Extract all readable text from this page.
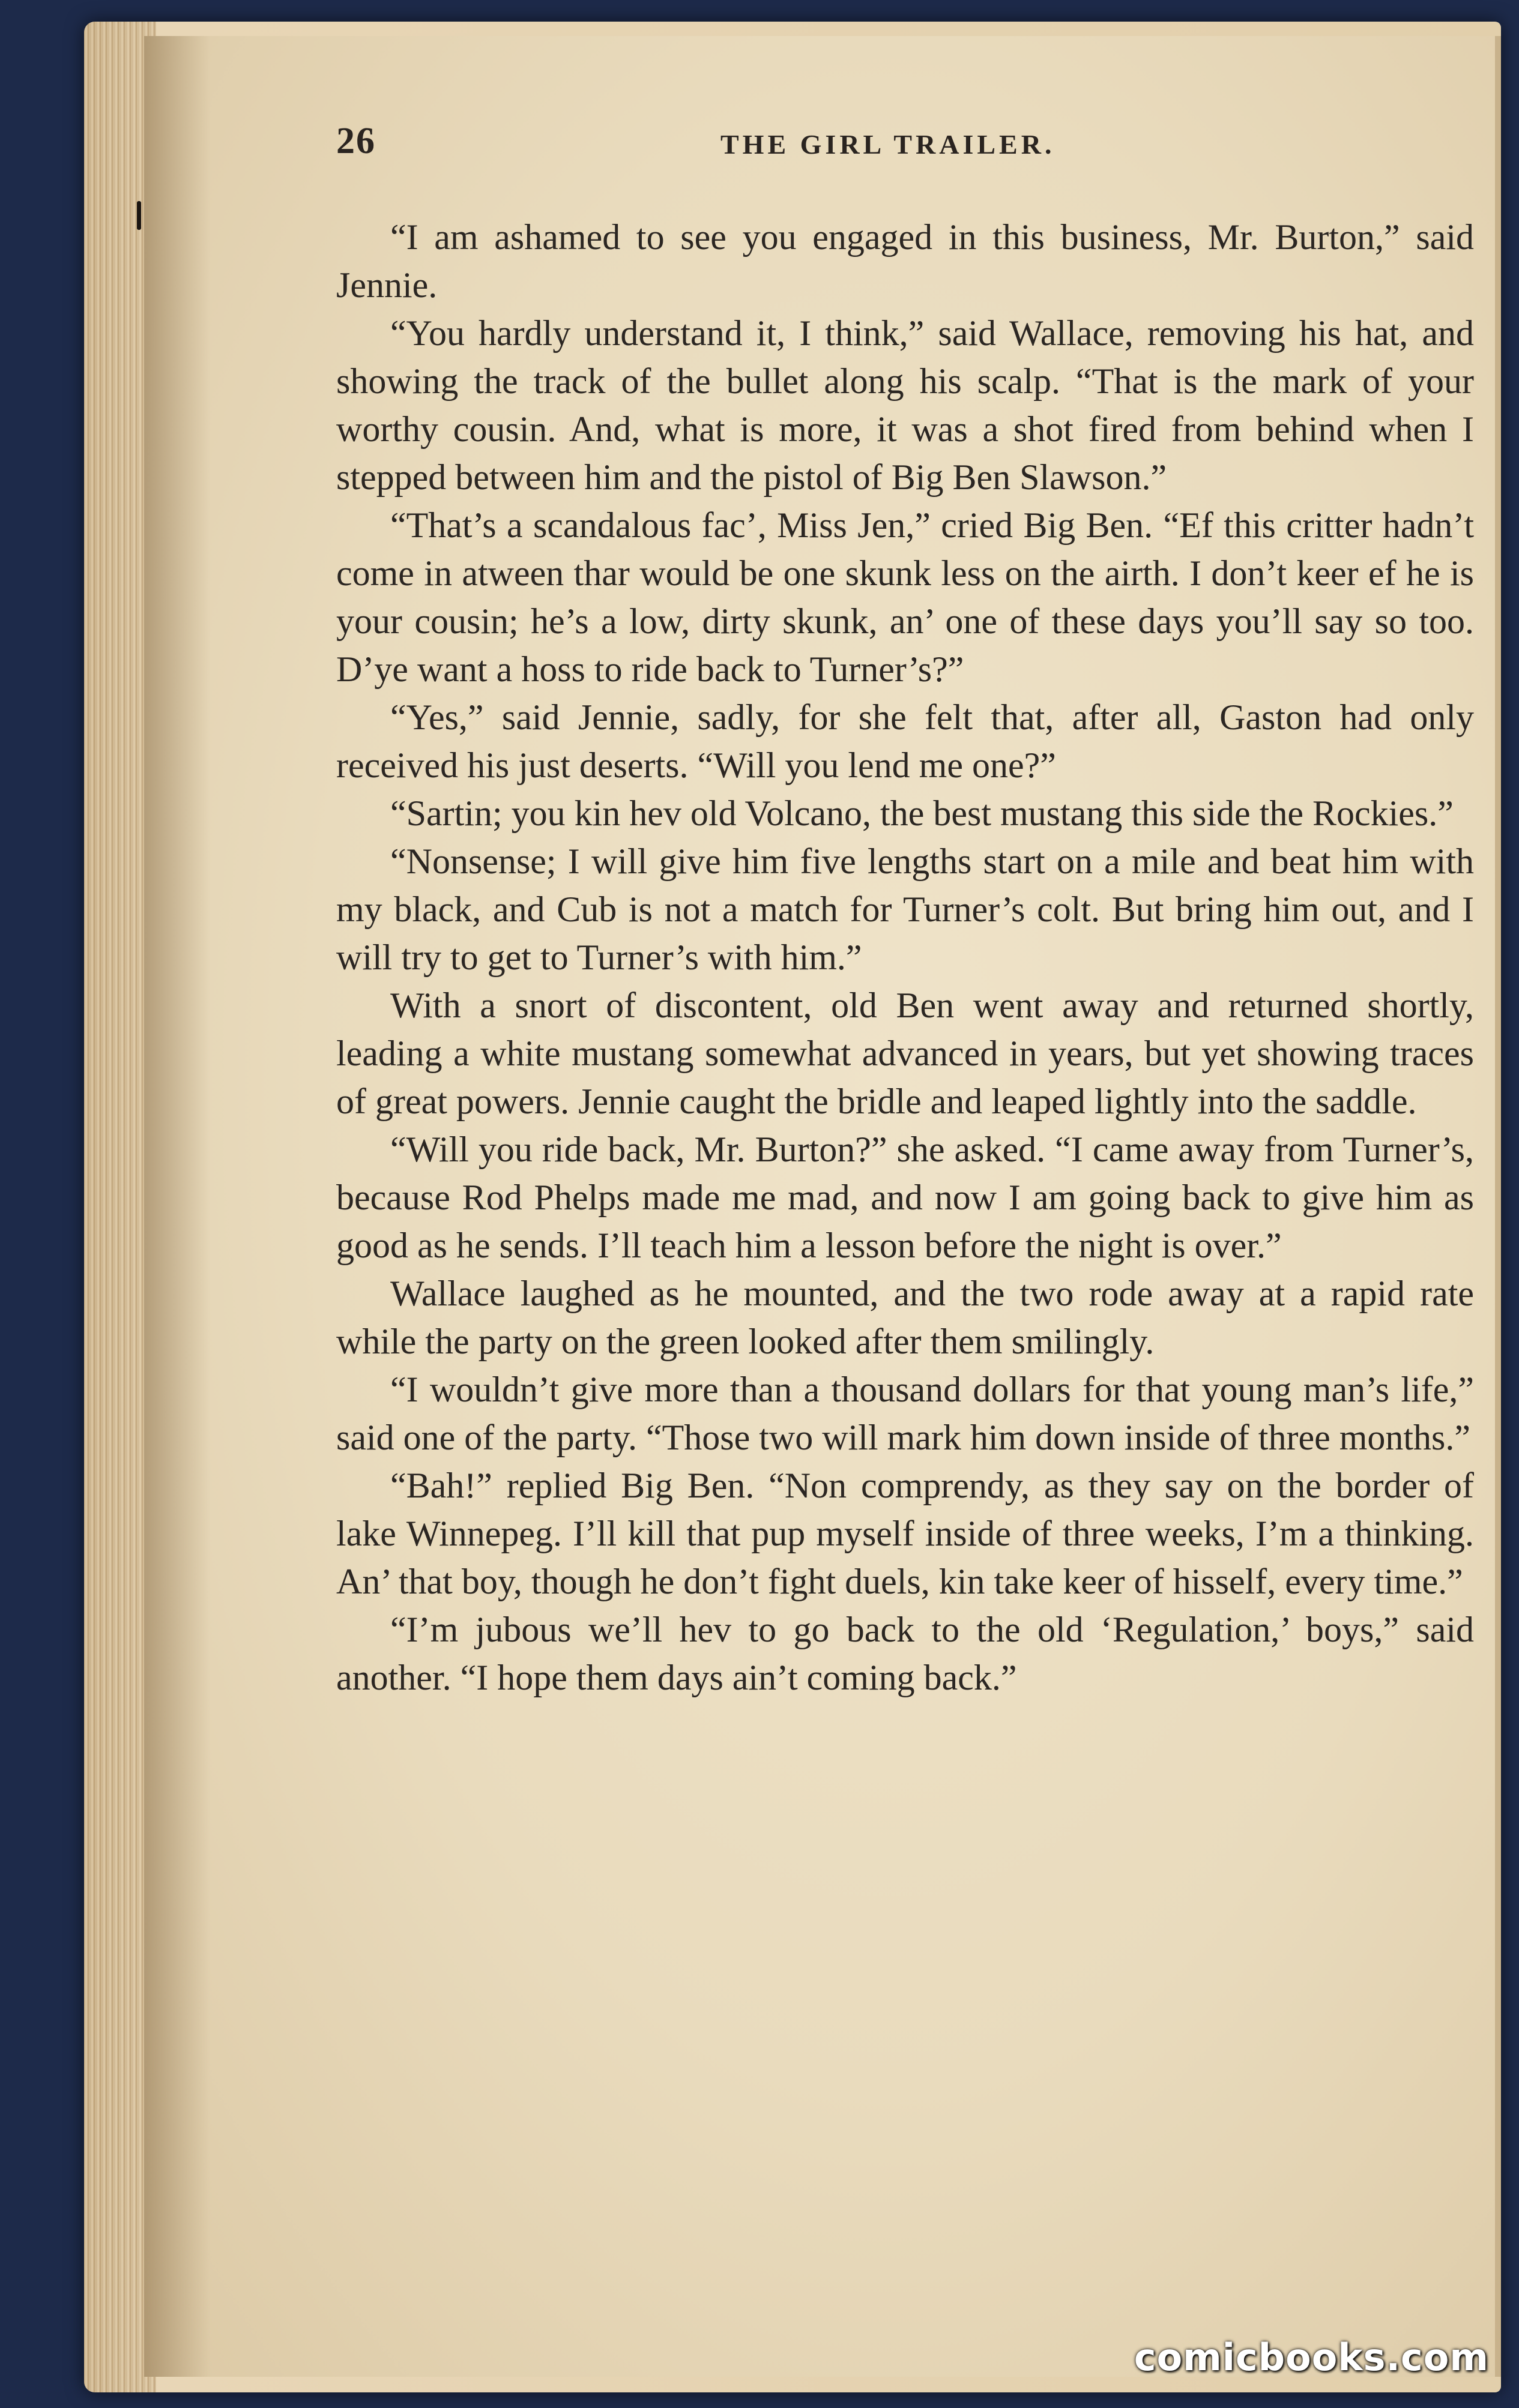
26	THE GIRL TRAILER.

“I am ashamed to see you engaged in this business, Mr. Burton,” said Jennie.

“You hardly understand it, I think,” said Wallace, removing his hat, and showing the track of the bullet along his scalp. “That is the mark of your worthy cousin. And, what is more, it was a shot fired from behind when I stepped between him and the pistol of Big Ben Slawson.”

“That’s a scandalous fac’, Miss Jen,” cried Big Ben. “Ef this critter hadn’t come in atween thar would be one skunk less on the airth. I don’t keer ef he is your cousin; he’s a low, dirty skunk, an’ one of these days you’ll say so too. D’ye want a hoss to ride back to Turner’s?”

“Yes,” said Jennie, sadly, for she felt that, after all, Gaston had only received his just deserts. “Will you lend me one?”

“Sartin; you kin hev old Volcano, the best mustang this side the Rockies.”

“Nonsense; I will give him five lengths start on a mile and beat him with my black, and Cub is not a match for Turner’s colt. But bring him out, and I will try to get to Turner’s with him.”

With a snort of discontent, old Ben went away and returned shortly, leading a white mustang somewhat advanced in years, but yet showing traces of great powers. Jennie caught the bridle and leaped lightly into the saddle.

“Will you ride back, Mr. Burton?” she asked. “I came away from Turner’s, because Rod Phelps made me mad, and now I am going back to give him as good as he sends. I’ll teach him a lesson before the night is over.”

Wallace laughed as he mounted, and the two rode away at a rapid rate while the party on the green looked after them smilingly.

“I wouldn’t give more than a thousand dollars for that young man’s life,” said one of the party. “Those two will mark him down inside of three months.”

“Bah!” replied Big Ben. “Non comprendy, as they say on the border of lake Winnepeg. I’ll kill that pup myself inside of three weeks, I’m a thinking. An’ that boy, though he don’t fight duels, kin take keer of hisself, every time.”

“I’m jubous we’ll hev to go back to the old ‘Regulation,’ boys,” said another. “I hope them days ain’t coming back.”

comicbooks.com
